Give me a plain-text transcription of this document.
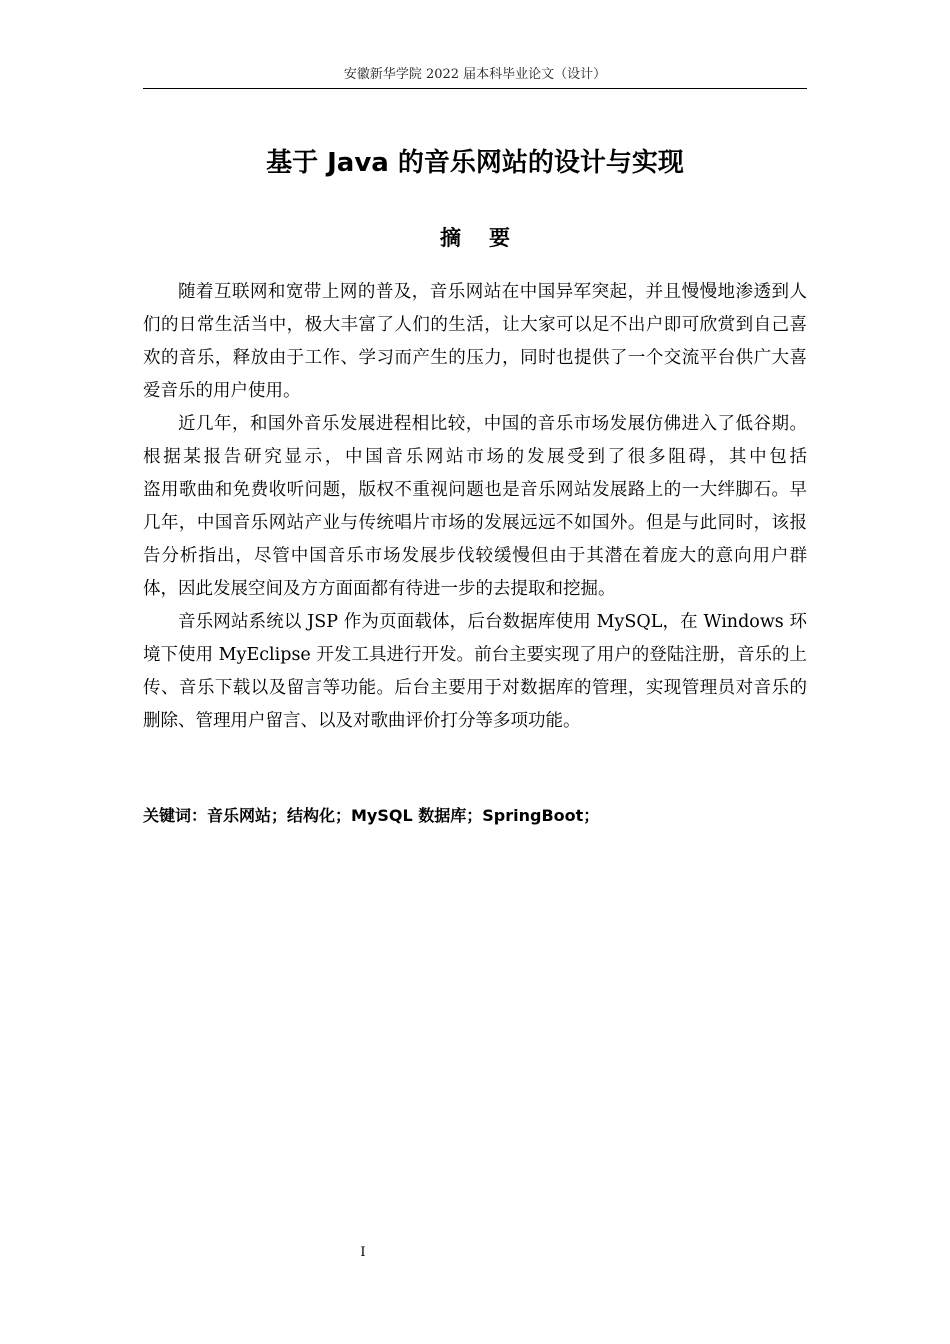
安徽新华学院 2022 届本科毕业论文（设计）
基于 Java 的音乐网站的设计与实现
摘要

随着互联网和宽带上网的普及，音乐网站在中国异军突起，并且慢慢地渗透到人们的日常生活当中，极大丰富了人们的生活，让大家可以足不出户即可欣赏到自己喜欢的音乐，释放由于工作、学习而产生的压力，同时也提供了一个交流平台供广大喜爱音乐的用户使用。

近几年，和国外音乐发展进程相比较，中国的音乐市场发展仿佛进入了低谷期。根据某报告研究显示，中国音乐网站市场的发展受到了很多阻碍，其中包括　　　　　　盗用歌曲和免费收听问题，版权不重视问题也是音乐网站发展路上的一大绊脚石。早几年，中国音乐网站产业与传统唱片市场的发展远远不如国外。但是与此同时，该报告分析指出，尽管中国音乐市场发展步伐较缓慢但由于其潜在着庞大的意向用户群体，因此发展空间及方方面面都有待进一步的去提取和挖掘。

音乐网站系统以 JSP 作为页面载体，后台数据库使用 MySQL，在 Windows 环境下使用 MyEclipse 开发工具进行开发。前台主要实现了用户的登陆注册，音乐的上传、音乐下载以及留言等功能。后台主要用于对数据库的管理，实现管理员对音乐的删除、管理用户留言、以及对歌曲评价打分等多项功能。

关键词：音乐网站；结构化；MySQL 数据库；SpringBoot；

I
